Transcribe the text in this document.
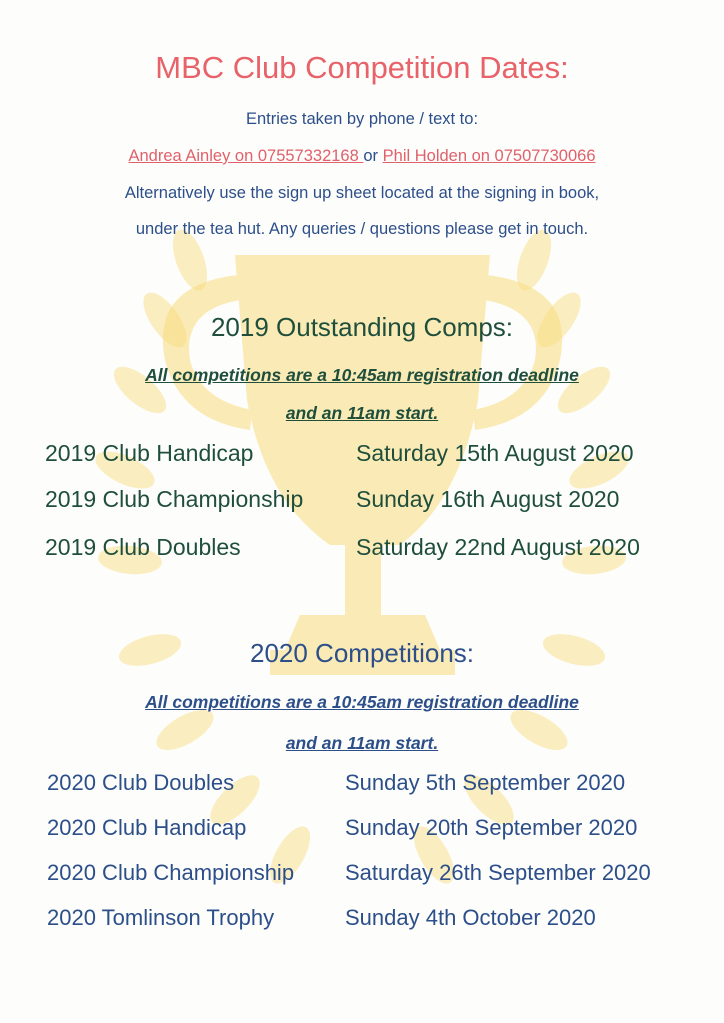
MBC Club Competition Dates:

Entries taken by phone / text to:

Andrea Ainley on 07557332168 or Phil Holden on 07507730066

Alternatively use the sign up sheet located at the signing in book,

under the tea hut. Any queries / questions please get in touch.

2019 Outstanding Comps:

All competitions are a 10:45am registration deadline

and an 11am start.

2019 Club Handicap	Saturday 15th August 2020
2019 Club Championship Sunday 16th August 2020
2019 Club Doubles	Saturday 22nd August 2020
2020 Competitions:

All competitions are a 10:45am registration deadline

and an 11am start.

2020 Club Doubles	Sunday 5th September 2020
2020 Club Handicap	Sunday 20th September 2020
2020 Club Championship Saturday 26th September 2020
2020 Tomlinson Trophy	Sunday 4th October 2020
